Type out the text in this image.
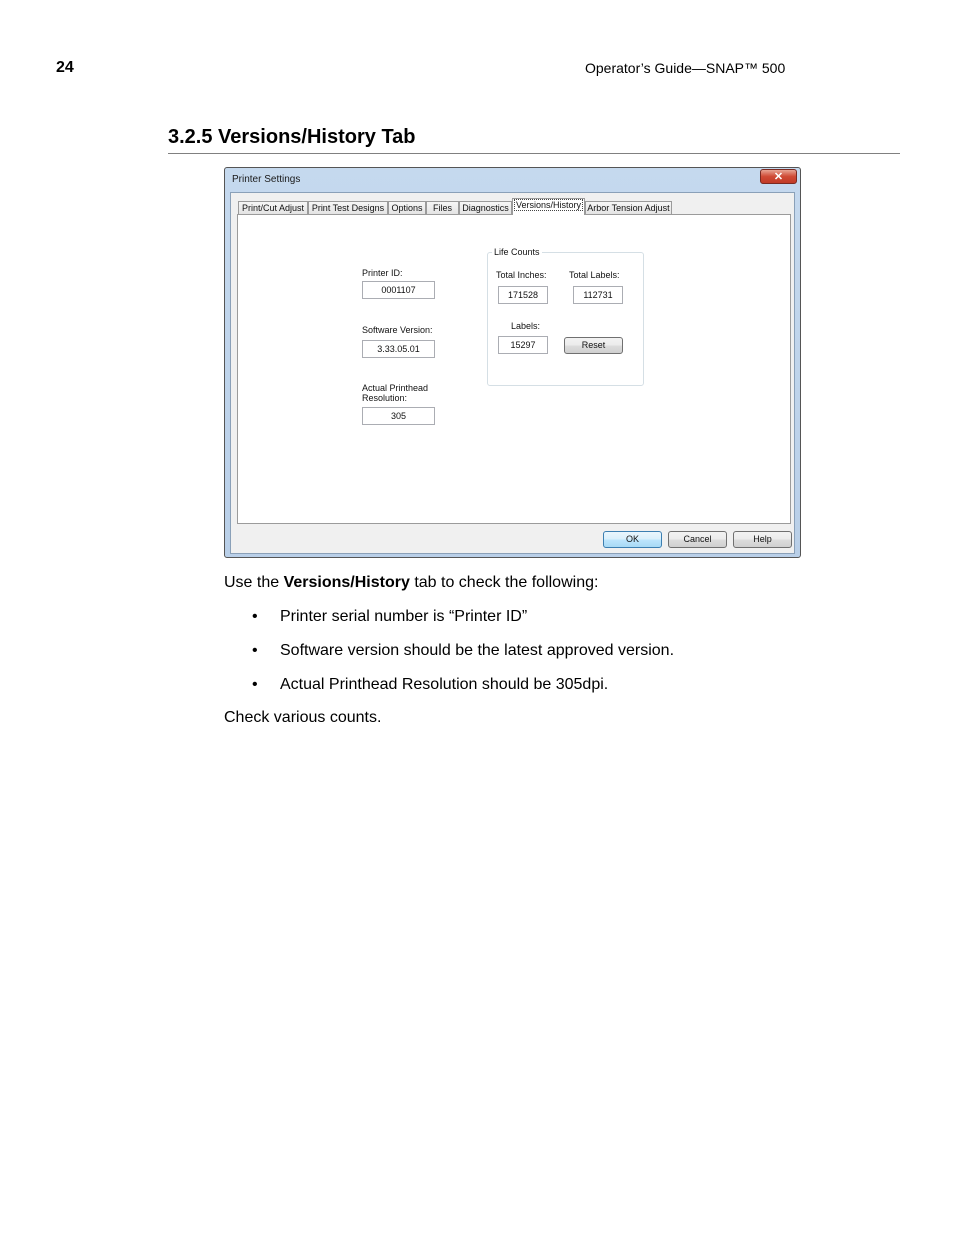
24	Operator’s Guide—SNAP™ 500
3.2.5 Versions/History Tab
Printer Settings	✕
Print/Cut Adjust Print Test Designs Options	Files	Diagnostics Versions/History Arbor Tension Adjust
Printer ID:
0001107
Software Version:
3.33.05.01
Actual Printhead
Resolution:
305
Life Counts
Total Inches:
171528
Total Labels:
112731
Labels:
15297	Reset
OK	Cancel	Help
Use the Versions/History tab to check the following:
• Printer serial number is “Printer ID”
• Software version should be the latest approved version.
• Actual Printhead Resolution should be 305dpi.
Check various counts.
